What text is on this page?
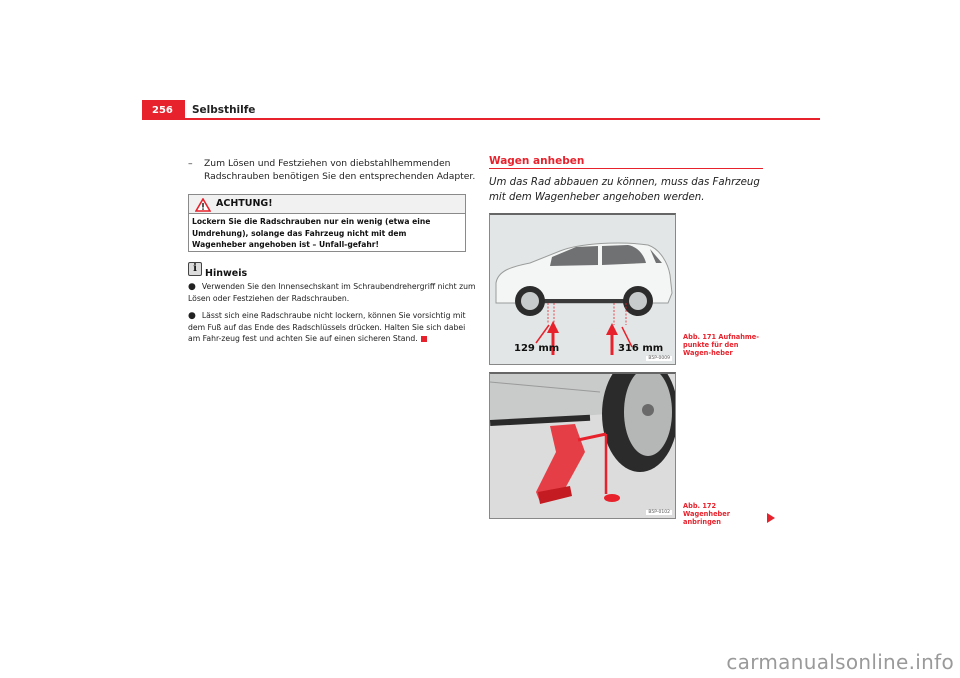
256	Selbsthilfe
– Zum Lösen und Festziehen von diebstahlhemmenden Radschrauben benötigen Sie den entsprechenden Adapter.
ACHTUNG!
Lockern Sie die Radschrauben nur ein wenig (etwa eine Umdrehung), solange das Fahrzeug nicht mit dem Wagenheber angehoben ist – Unfall-gefahr!
i Hinweis

● Verwenden Sie den Innensechskant im Schraubendrehergriff nicht zum Lösen oder Festziehen der Radschrauben.

● Lässt sich eine Radschraube nicht lockern, können Sie vorsichtig mit dem Fuß auf das Ende des Radschlüssels drücken. Halten Sie sich dabei am Fahr-zeug fest und achten Sie auf einen sicheren Stand.

Wagen anheben
Um das Rad abbauen zu können, muss das Fahrzeug mit dem Wagenheber angehoben werden.
129 mm	316 mm
B5P-0009
Abb. 171 Aufnahme-punkte für den Wagen-heber
B5P-0102
Abb. 172 Wagenheber anbringen
carmanualsonline.info
